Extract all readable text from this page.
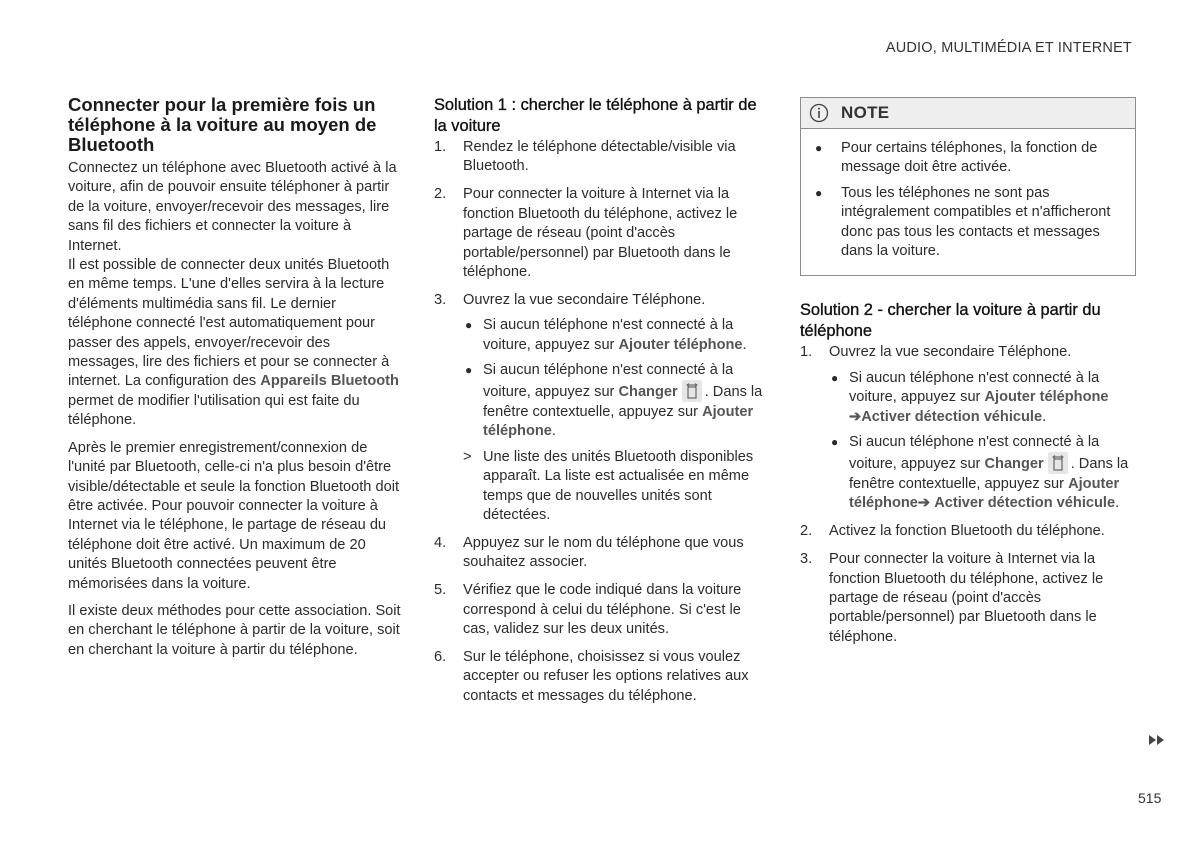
AUDIO, MULTIMÉDIA ET INTERNET

Connecter pour la première fois un téléphone à la voiture au moyen de Bluetooth

Connectez un téléphone avec Bluetooth activé à la voiture, afin de pouvoir ensuite téléphoner à partir de la voiture, envoyer/recevoir des messages, lire sans fil des fichiers et connecter la voiture à Internet.

Il est possible de connecter deux unités Bluetooth en même temps. L'une d'elles servira à la lecture d'éléments multimédia sans fil. Le dernier téléphone connecté l'est automatiquement pour passer des appels, envoyer/recevoir des messages, lire des fichiers et pour se connecter à internet. La configuration des Appareils Bluetooth permet de modifier l'utilisation qui est faite du téléphone.

Après le premier enregistrement/connexion de l'unité par Bluetooth, celle-ci n'a plus besoin d'être visible/détectable et seule la fonction Bluetooth doit être activée. Pour pouvoir connecter la voiture à Internet via le téléphone, le partage de réseau du téléphone doit être activé. Un maximum de 20 unités Bluetooth connectées peuvent être mémorisées dans la voiture.

Il existe deux méthodes pour cette association. Soit en cherchant le téléphone à partir de la voiture, soit en cherchant la voiture à partir du téléphone.

Solution 1 : chercher le téléphone à partir de la voiture

1. Rendez le téléphone détectable/visible via Bluetooth.
2. Pour connecter la voiture à Internet via la fonction Bluetooth du téléphone, activez le partage de réseau (point d'accès portable/personnel) par Bluetooth dans le téléphone.
3. Ouvrez la vue secondaire Téléphone.
● Si aucun téléphone n'est connecté à la voiture, appuyez sur Ajouter téléphone.
● Si aucun téléphone n'est connecté à la voiture, appuyez sur Changer . Dans la fenêtre contextuelle, appuyez sur Ajouter téléphone.
> Une liste des unités Bluetooth disponibles apparaît. La liste est actualisée en même temps que de nouvelles unités sont détectées.
4. Appuyez sur le nom du téléphone que vous souhaitez associer.
5. Vérifiez que le code indiqué dans la voiture correspond à celui du téléphone. Si c'est le cas, validez sur les deux unités.
6. Sur le téléphone, choisissez si vous voulez accepter ou refuser les options relatives aux contacts et messages du téléphone.
NOTE
● Pour certains téléphones, la fonction de message doit être activée.
● Tous les téléphones ne sont pas intégralement compatibles et n'afficheront donc pas tous les contacts et messages dans la voiture.

Solution 2 - chercher la voiture à partir du téléphone

1. Ouvrez la vue secondaire Téléphone.
● Si aucun téléphone n'est connecté à la voiture, appuyez sur Ajouter téléphone ➔Activer détection véhicule.
● Si aucun téléphone n'est connecté à la voiture, appuyez sur Changer . Dans la fenêtre contextuelle, appuyez sur Ajouter téléphone➔ Activer détection véhicule.
2. Activez la fonction Bluetooth du téléphone.
3. Pour connecter la voiture à Internet via la fonction Bluetooth du téléphone, activez le partage de réseau (point d'accès portable/personnel) par Bluetooth dans le téléphone.
515
